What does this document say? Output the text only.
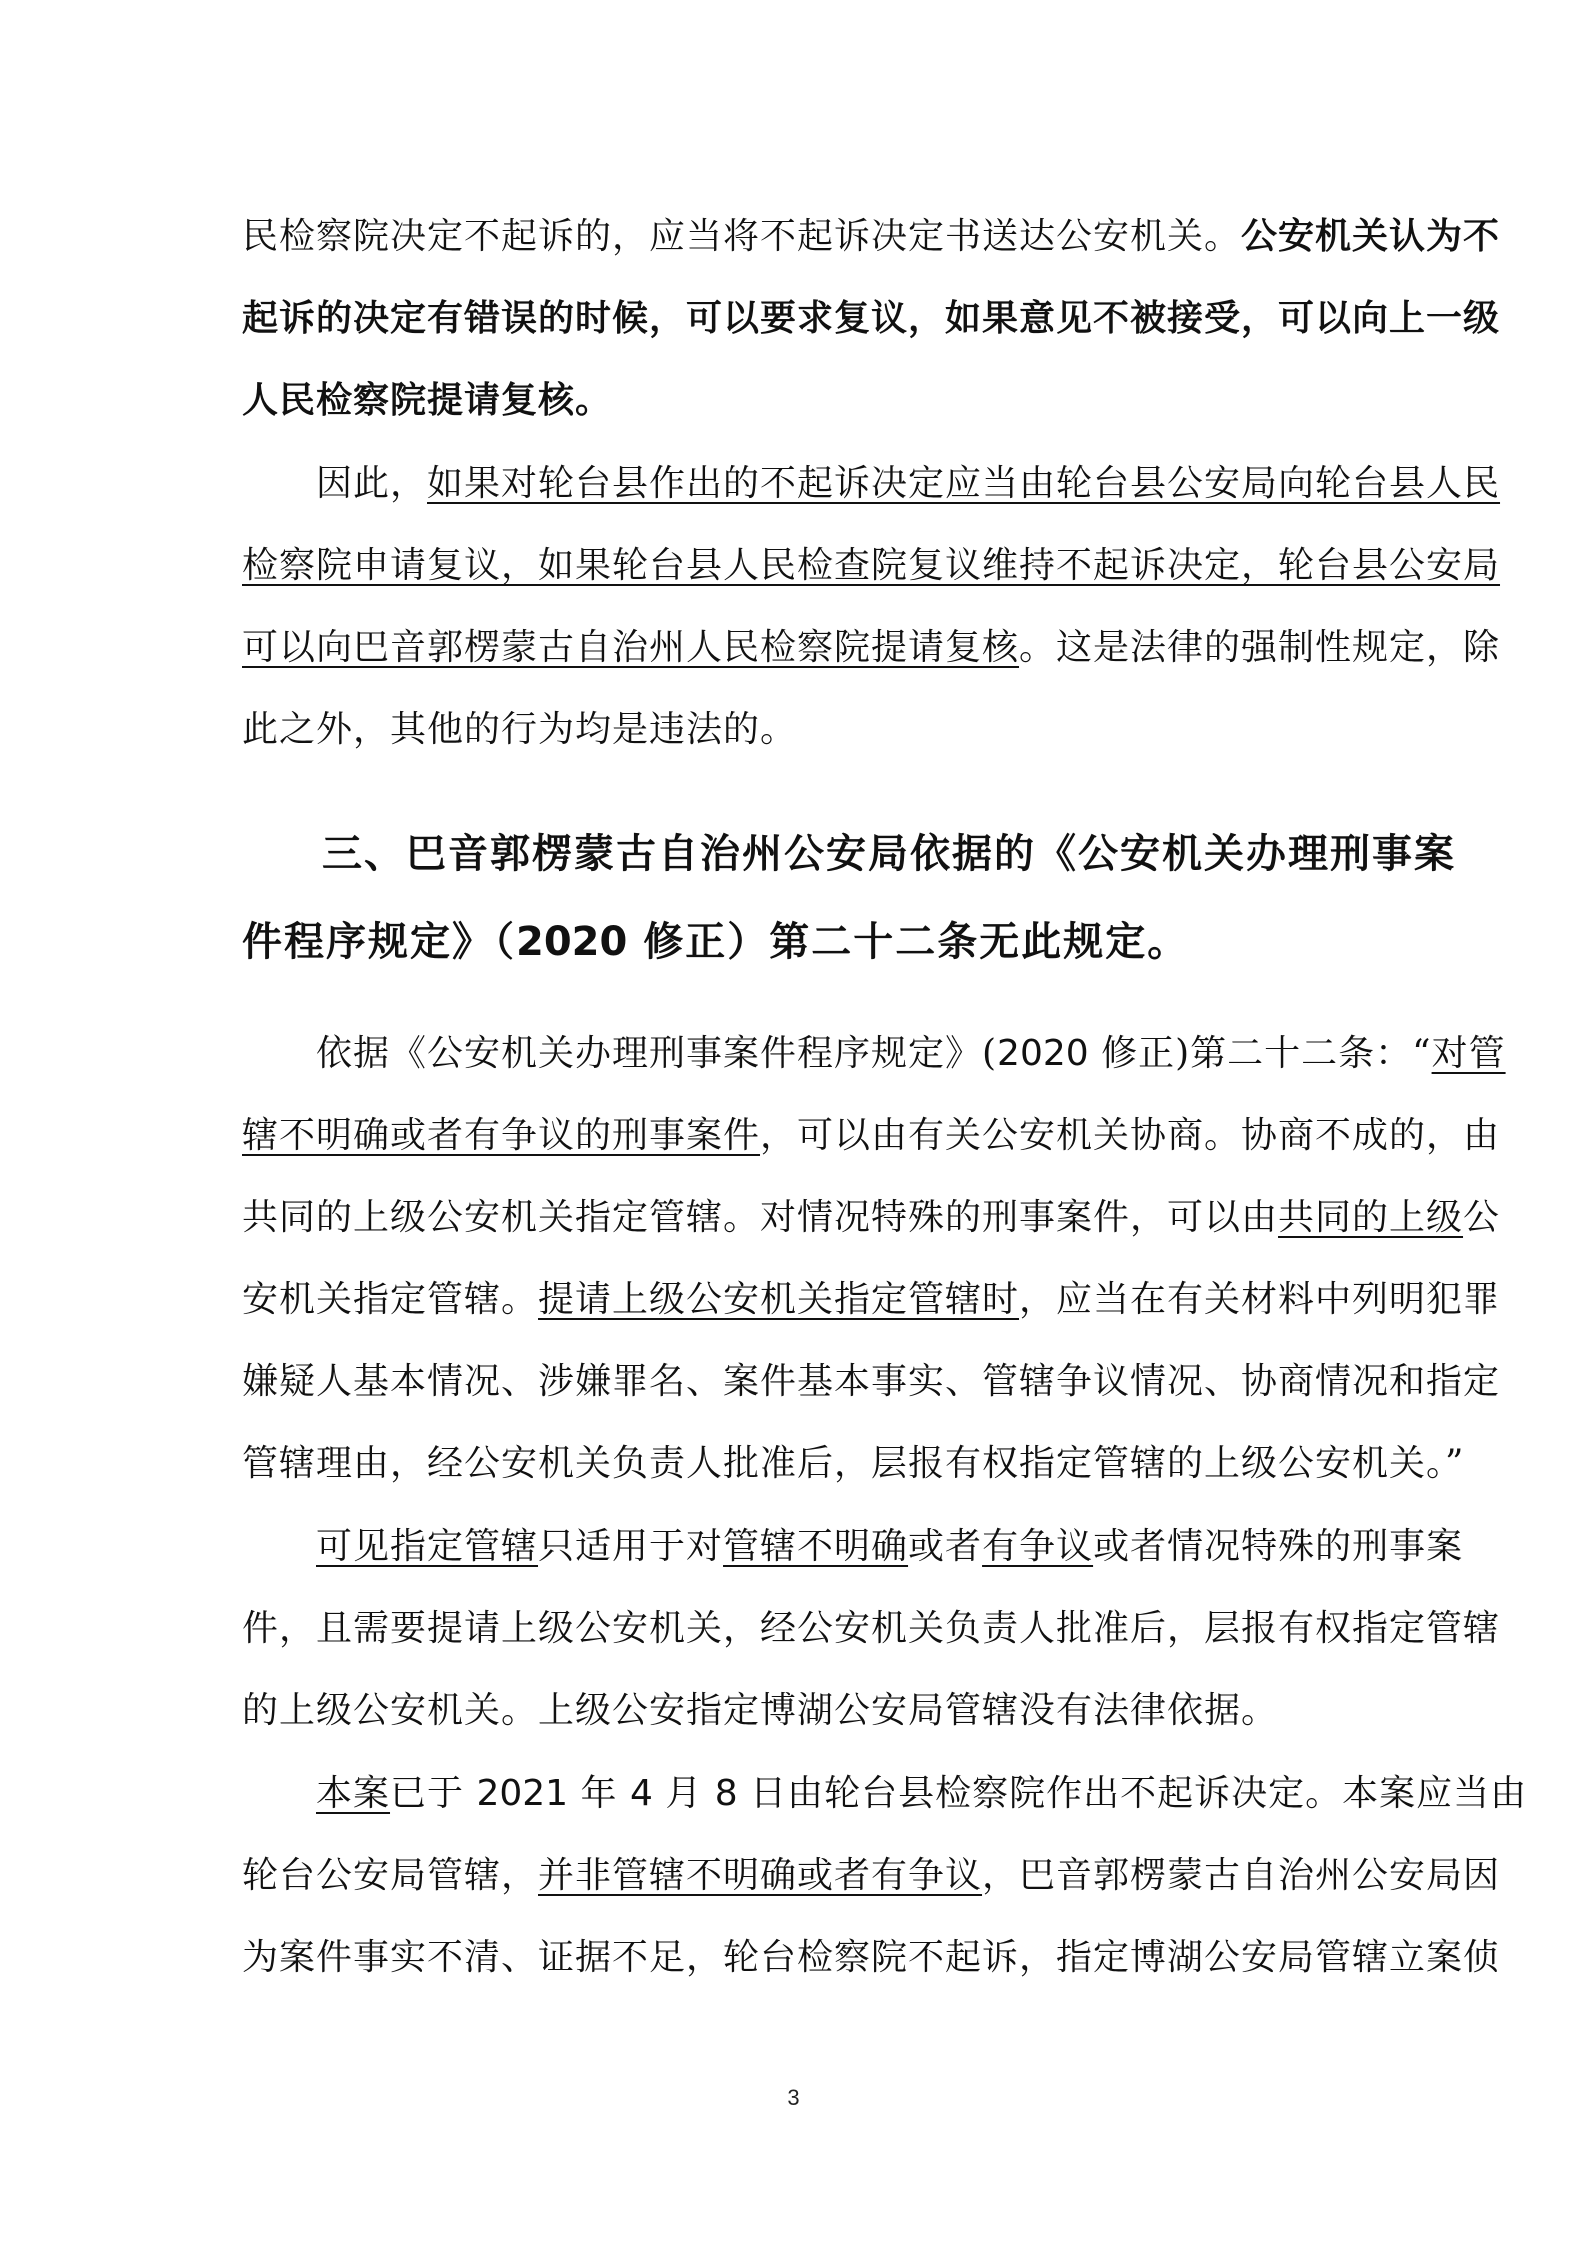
民检察院决定不起诉的，应当将不起诉决定书送达公安机关。公安机关认为不
起诉的决定有错误的时候，可以要求复议，如果意见不被接受，可以向上一级
人民检察院提请复核。
因此，如果对轮台县作出的不起诉决定应当由轮台县公安局向轮台县人民
检察院申请复议，如果轮台县人民检查院复议维持不起诉决定，轮台县公安局
可以向巴音郭楞蒙古自治州人民检察院提请复核。这是法律的强制性规定，除
此之外，其他的行为均是违法的。
三、巴音郭楞蒙古自治州公安局依据的《公安机关办理刑事案
件程序规定》（2020 修正）第二十二条无此规定。
依据《公安机关办理刑事案件程序规定》(2020 修正)第二十二条：“对管
辖不明确或者有争议的刑事案件，可以由有关公安机关协商。协商不成的，由
共同的上级公安机关指定管辖。对情况特殊的刑事案件，可以由共同的上级公
安机关指定管辖。提请上级公安机关指定管辖时，应当在有关材料中列明犯罪
嫌疑人基本情况、涉嫌罪名、案件基本事实、管辖争议情况、协商情况和指定
管辖理由，经公安机关负责人批准后，层报有权指定管辖的上级公安机关。”
可见指定管辖只适用于对管辖不明确或者有争议或者情况特殊的刑事案
件，且需要提请上级公安机关，经公安机关负责人批准后，层报有权指定管辖
的上级公安机关。上级公安指定博湖公安局管辖没有法律依据。
本案已于 2021 年 4 月 8 日由轮台县检察院作出不起诉决定。本案应当由
轮台公安局管辖，并非管辖不明确或者有争议，巴音郭楞蒙古自治州公安局因
为案件事实不清、证据不足，轮台检察院不起诉，指定博湖公安局管辖立案侦
3
